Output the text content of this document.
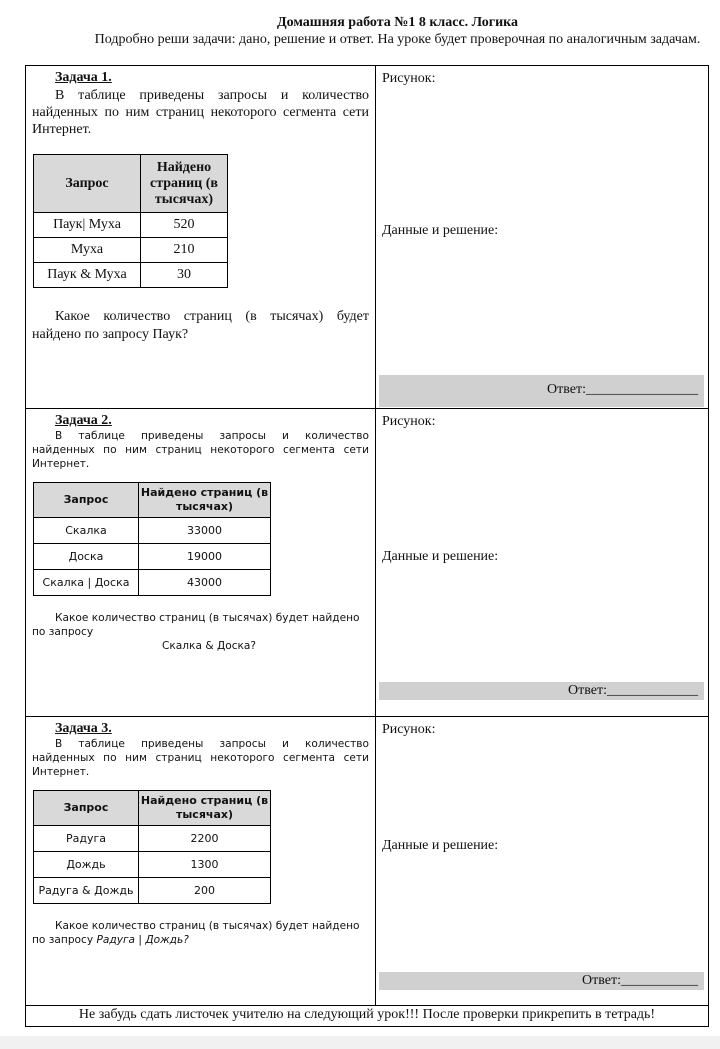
Домашняя работа №1 8 класс. Логика
Подробно реши задачи: дано, решение и ответ. На уроке будет проверочная по аналогичным задачам.
Задача 1.
В таблице приведены запросы и количество найденных по ним страниц некоторого сегмента сети Интернет.
Запрос	Найдено страниц (в тысячах)
Паук| Муха	520
Муха	210
Паук & Муха	30
Какое количество страниц (в тысячах) будет найдено по запросу Паук?
Рисунок:
Данные и решение:
Ответ:________________
Задача 2.
В таблице приведены запросы и количество найденных по ним страниц некоторого сегмента сети Интернет.
Запрос	Найдено страниц (в тысячах)
Скалка	33000
Доска	19000
Скалка | Доска	43000
Какое количество страниц (в тысячах) будет найдено по запросу
Скалка & Доска?
Рисунок:
Данные и решение:
Ответ:_____________
Задача 3.
В таблице приведены запросы и количество найденных по ним страниц некоторого сегмента сети Интернет.
Запрос	Найдено страниц (в тысячах)
Радуга	2200
Дождь	1300
Радуга & Дождь	200
Какое количество страниц (в тысячах) будет найдено по запросу Радуга | Дождь?
Рисунок:
Данные и решение:
Ответ:___________
Не забудь сдать листочек учителю на следующий урок!!! После проверки прикрепить в тетрадь!
